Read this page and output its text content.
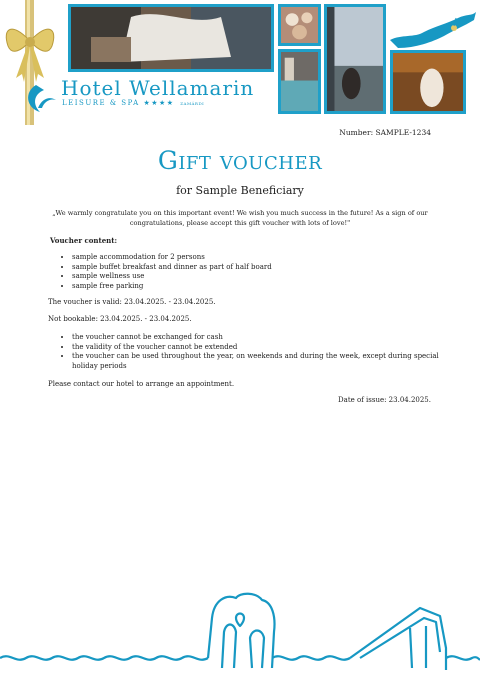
Hotel Wellamarin
LEISURE & SPA ★★★★ ZAMÁRDI
Number: SAMPLE-1234
Gift voucher
for Sample Beneficiary
„We warmly congratulate you on this important event! We wish you much success in the future! As a sign of our congratulations, please accept this gift voucher with lots of love!"
Voucher content:
• sample accommodation for 2 persons
• sample buffet breakfast and dinner as part of half board
• sample wellness use
• sample free parking
The voucher is valid: 23.04.2025. - 23.04.2025.
Not bookable: 23.04.2025. - 23.04.2025.
• the voucher cannot be exchanged for cash
• the validity of the voucher cannot be extended
• the voucher can be used throughout the year, on weekends and during the week, except during special holiday periods
Please contact our hotel to arrange an appointment.
Date of issue: 23.04.2025.
